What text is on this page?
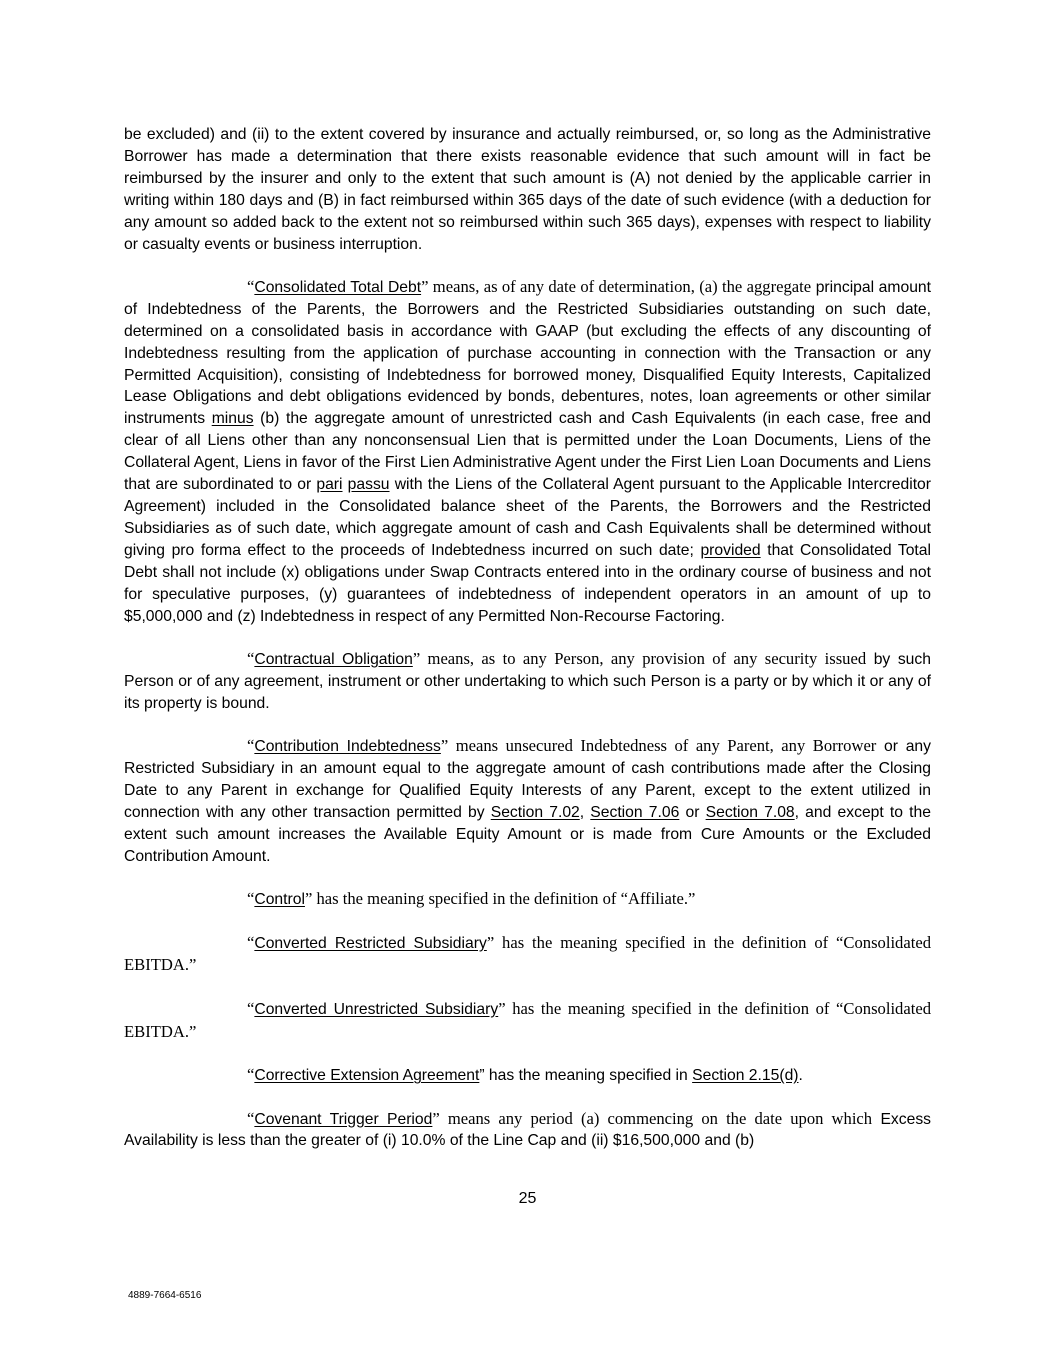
be excluded) and (ii) to the extent covered by insurance and actually reimbursed, or, so long as the Administrative Borrower has made a determination that there exists reasonable evidence that such amount will in fact be reimbursed by the insurer and only to the extent that such amount is (A) not denied by the applicable carrier in writing within 180 days and (B) in fact reimbursed within 365 days of the date of such evidence (with a deduction for any amount so added back to the extent not so reimbursed within such 365 days), expenses with respect to liability or casualty events or business interruption.

“Consolidated Total Debt” means, as of any date of determination, (a) the aggregate principal amount of Indebtedness of the Parents, the Borrowers and the Restricted Subsidiaries outstanding on such date, determined on a consolidated basis in accordance with GAAP (but excluding the effects of any discounting of Indebtedness resulting from the application of purchase accounting in connection with the Transaction or any Permitted Acquisition), consisting of Indebtedness for borrowed money, Disqualified Equity Interests, Capitalized Lease Obligations and debt obligations evidenced by bonds, debentures, notes, loan agreements or other similar instruments minus (b) the aggregate amount of unrestricted cash and Cash Equivalents (in each case, free and clear of all Liens other than any nonconsensual Lien that is permitted under the Loan Documents, Liens of the Collateral Agent, Liens in favor of the First Lien Administrative Agent under the First Lien Loan Documents and Liens that are subordinated to or pari passu with the Liens of the Collateral Agent pursuant to the Applicable Intercreditor Agreement) included in the Consolidated balance sheet of the Parents, the Borrowers and the Restricted Subsidiaries as of such date, which aggregate amount of cash and Cash Equivalents shall be determined without giving pro forma effect to the proceeds of Indebtedness incurred on such date; provided that Consolidated Total Debt shall not include (x) obligations under Swap Contracts entered into in the ordinary course of business and not for speculative purposes, (y) guarantees of indebtedness of independent operators in an amount of up to $5,000,000 and (z) Indebtedness in respect of any Permitted Non-Recourse Factoring.

“Contractual Obligation” means, as to any Person, any provision of any security issued by such Person or of any agreement, instrument or other undertaking to which such Person is a party or by which it or any of its property is bound.

“Contribution Indebtedness” means unsecured Indebtedness of any Parent, any Borrower or any Restricted Subsidiary in an amount equal to the aggregate amount of cash contributions made after the Closing Date to any Parent in exchange for Qualified Equity Interests of any Parent, except to the extent utilized in connection with any other transaction permitted by Section 7.02, Section 7.06 or Section 7.08, and except to the extent such amount increases the Available Equity Amount or is made from Cure Amounts or the Excluded Contribution Amount.

“Control” has the meaning specified in the definition of “Affiliate.”

“Converted Restricted Subsidiary” has the meaning specified in the definition of “Consolidated EBITDA.”

“Converted Unrestricted Subsidiary” has the meaning specified in the definition of “Consolidated EBITDA.”

“Corrective Extension Agreement” has the meaning specified in Section 2.15(d).

“Covenant Trigger Period” means any period (a) commencing on the date upon which Excess Availability is less than the greater of (i) 10.0% of the Line Cap and (ii) $16,500,000 and (b)

25
4889-7664-6516
